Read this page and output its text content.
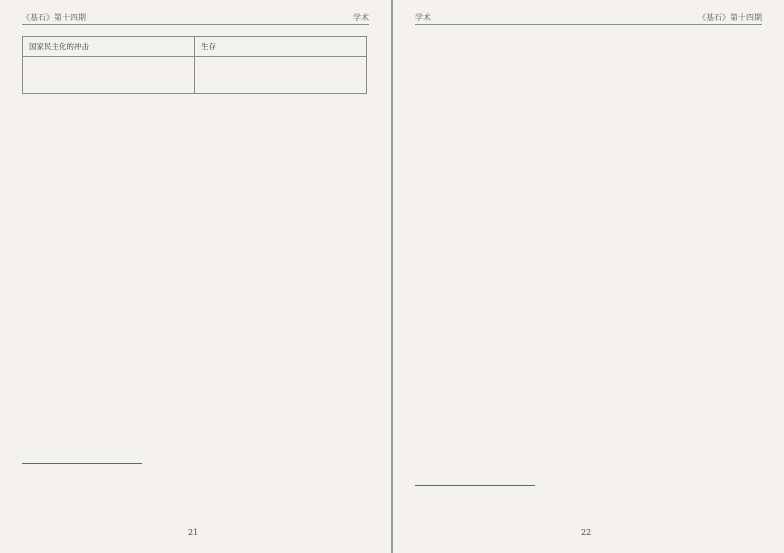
《基石》第十四期	学术
国家民主化的冲击	生存

21
学术	《基石》第十四期
22
